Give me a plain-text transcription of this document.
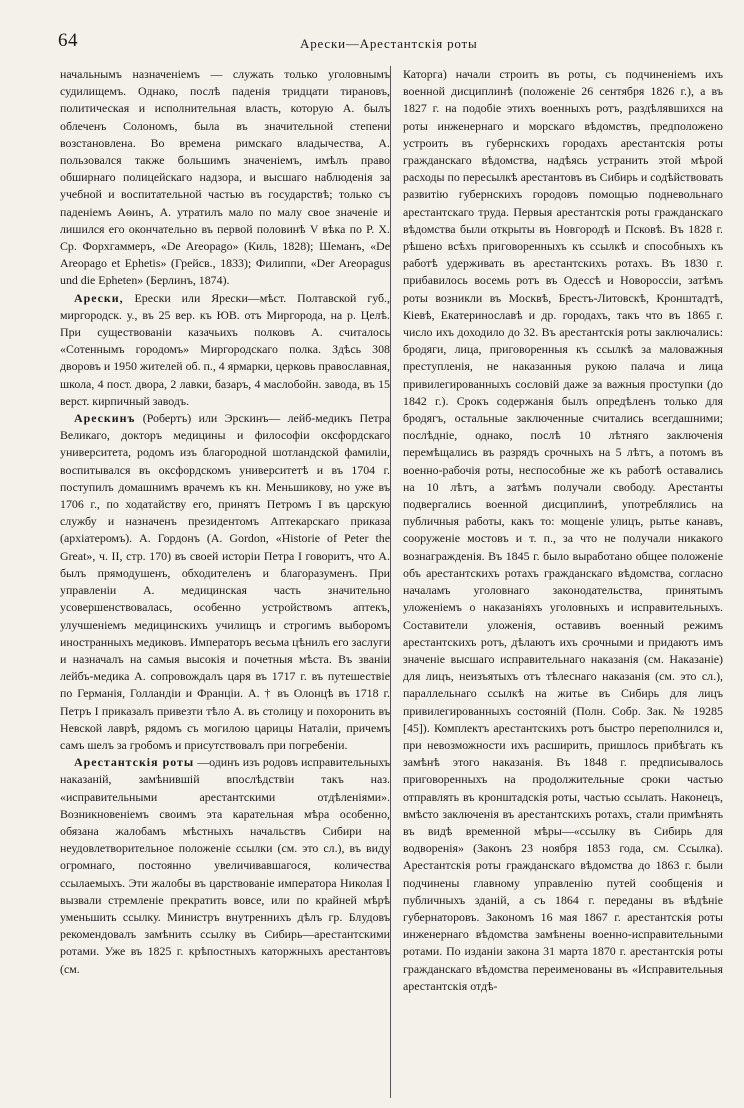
64	Арески—Арестантскія роты

начальнымъ назначеніемъ — служать только уголовнымъ судилищемъ. Однако, послѣ паденія тридцати тирановъ, политическая и исполнительная власть, которую А. былъ облеченъ Солономъ, была въ значительной степени возстановлена. Во времена римскаго владычества, А. пользовался также большимъ значеніемъ, имѣлъ право обширнаго полицейскаго надзора, и высшаго наблюденія за учебной и воспитательной частью въ государствѣ; только съ паденіемъ Аѳинъ, А. утратилъ мало по малу свое значеніе и лишился его окончательно въ первой половинѣ V вѣка по Р. Х. Ср. Форхгаммеръ, «De Areopago» (Киль, 1828); Шеманъ, «De Areopago et Ephetis» (Грейсв., 1833); Филиппи, «Der Areopagus und die Epheten» (Берлинъ, 1874).

Арески, Ерески или Яpecки—мѣст. Полтавской губ., миргородск. у., въ 25 вер. къ ЮВ. отъ Миргорода, на р. Целѣ. При существованіи казачьихъ полковъ А. считалось «Сотеннымъ городомъ» Миргородскаго полка. Здѣсь 308 дворовъ и 1950 жителей об. п., 4 ярмарки, церковь православная, школа, 4 пост. двора, 2 лавки, базаръ, 4 маслобойн. завода, въ 15 верст. кирпичный заводъ.

Арескинъ (Робертъ) или Эрскинъ— лейб-медикъ Петра Великаго, докторъ медицины и философіи оксфордскаго университета, родомъ изъ благородной шотландской фамиліи, воспитывался въ оксфордскомъ университетѣ и въ 1704 г. поступилъ домашнимъ врачемъ къ кн. Меньшикову, но уже въ 1706 г., по ходатайству его, принятъ Петромъ I въ царскую службу и назначенъ президентомъ Аптекарскаго приказа (архіатеромъ). А. Гордонъ (A. Gordon, «Historie of Peter the Great», ч. II, стр. 170) въ своей исторіи Петра I говоритъ, что А. былъ прямодушенъ, обходителенъ и благоразуменъ. При управленіи А. медицинская часть значительно усовершенствовалась, особенно устройствомъ аптекъ, улучшеніемъ медицинскихъ училищъ и строгимъ выборомъ иностранныхъ медиковъ. Императоръ весьма цѣнилъ его заслуги и назначалъ на самыя высокія и почетныя мѣста. Въ званіи лейбъ-медика А. сопровождалъ царя въ 1717 г. въ путешествіе по Германія, Голландіи и Франціи. А. † въ Олонцѣ въ 1718 г. Петръ I приказалъ привезти тѣло А. въ столицу и похоронить въ Невской лаврѣ, рядомъ съ могилою царицы Наталіи, причемъ самъ шелъ за гробомъ и присутствовалъ при погребеніи.

Арестантскія роты —одинъ изъ родовъ исправительныхъ наказаній, замѣнившій впослѣдствіи такъ наз. «исправительными арестантскими отдѣленіями». Возникновеніемъ своимъ эта карательная мѣра особенно, обязана жалобамъ мѣстныхъ начальствъ Сибири на неудовлетворительное положеніе ссылки (см. это сл.), въ виду огромнаго, постоянно увеличивавшагося, количества ссылаемыхъ. Эти жалобы въ царствованіе императора Николая I вызвали стремленіе прекратить вовсе, или по крайней мѣрѣ уменьшить ссылку. Министръ внутреннихъ дѣлъ гр. Блудовъ рекомендовалъ замѣнить ссылку въ Сибирь—арестантскими ротами. Уже въ 1825 г. крѣпостныхъ каторжныхъ арестантовъ (см.

Каторга) начали строить въ роты, съ подчиненіемъ ихъ военной дисциплинѣ (положеніе 26 сентября 1826 г.), а въ 1827 г. на подобіе этихъ военныхъ ротъ, раздѣлявшихся на роты инженернаго и морскаго вѣдомствъ, предположено устроить въ губернскихъ городахъ арестантскія роты гражданскаго вѣдомства, надѣясь устранить этой мѣрой расходы по пересылкѣ арестантовъ въ Сибирь и содѣйствовать развитію губернскихъ городовъ помощью подневольнаго арестантскаго труда. Первыя арестантскія роты гражданскаго вѣдомства были открыты въ Новгородѣ и Псковѣ. Въ 1828 г. рѣшено всѣхъ приговоренныхъ къ ссылкѣ и способныхъ къ работѣ удерживать въ арестантскихъ ротахъ. Въ 1830 г. прибавилось восемь ротъ въ Одессѣ и Новороссіи, затѣмъ роты возникли въ Москвѣ, Брестъ-Литовскѣ, Кронштадтѣ, Кіевѣ, Екатеринославѣ и др. городахъ, такъ что въ 1865 г. число ихъ доходило до 32. Въ арестантскія роты заключались: бродяги, лица, приговоренныя къ ссылкѣ за маловажныя преступленія, не наказанныя рукою палача и лица привилегированныхъ сословій даже за важныя проступки (до 1842 г.). Срокъ содержанія былъ опредѣленъ только для бродягъ, остальные заключенные считались всегдашними; послѣдніе, однако, послѣ 10 лѣтняго заключенія перемѣщались въ разрядъ срочныхъ на 5 лѣтъ, а потомъ въ военно-рабочія роты, неспособные же къ работѣ оставались на 10 лѣтъ, а затѣмъ получали свободу. Арестанты подвергались военной дисциплинѣ, употреблялись на публичныя работы, какъ то: мощеніе улицъ, рытье канавъ, сооруженіе мостовъ и т. п., за что не получали никакого вознагражденія. Въ 1845 г. было выработано общее положеніе объ арестантскихъ ротахъ гражданскаго вѣдомства, согласно началамъ уголовнаго законодательства, принятымъ уложеніемъ о наказаніяхъ уголовныхъ и исправительныхъ. Составители уложенія, оставивъ военный режимъ арестантскихъ ротъ, дѣлаютъ ихъ срочными и придаютъ имъ значеніе высшаго исправительнаго наказанія (см. Наказаніе) для лицъ, неизъятыхъ отъ тѣлеснаго наказанія (см. это сл.), параллельнаго ссылкѣ на житье въ Сибирь для лицъ привилегированныхъ состояній (Полн. Собр. Зак. № 19285 [45]). Комплектъ арестантскихъ ротъ быстро переполнился и, при невозможности ихъ расширить, пришлось прибѣгать къ замѣнѣ этого наказанія. Въ 1848 г. предписывалось приговоренныхъ на продолжительные сроки частью отправлять въ кронштадскія роты, частью ссылать. Наконецъ, вмѣсто заключенія въ арестантскихъ ротахъ, стали примѣнять въ видѣ временной мѣры—«ссылку въ Сибирь для водворенія» (Законъ 23 ноября 1853 года, см. Ссылка). Арестантскія роты гражданскаго вѣдомства до 1863 г. были подчинены главному управленію путей сообщенія и публичныхъ зданій, а съ 1864 г. переданы въ вѣдѣніе губернаторовъ. Закономъ 16 мая 1867 г. арестантскія роты инженернаго вѣдомства замѣнены военно-исправительными ротами. По изданіи закона 31 марта 1870 г. арестантскія роты гражданскаго вѣдомства переименованы въ «Исправительныя арестантскія отдѣ-
